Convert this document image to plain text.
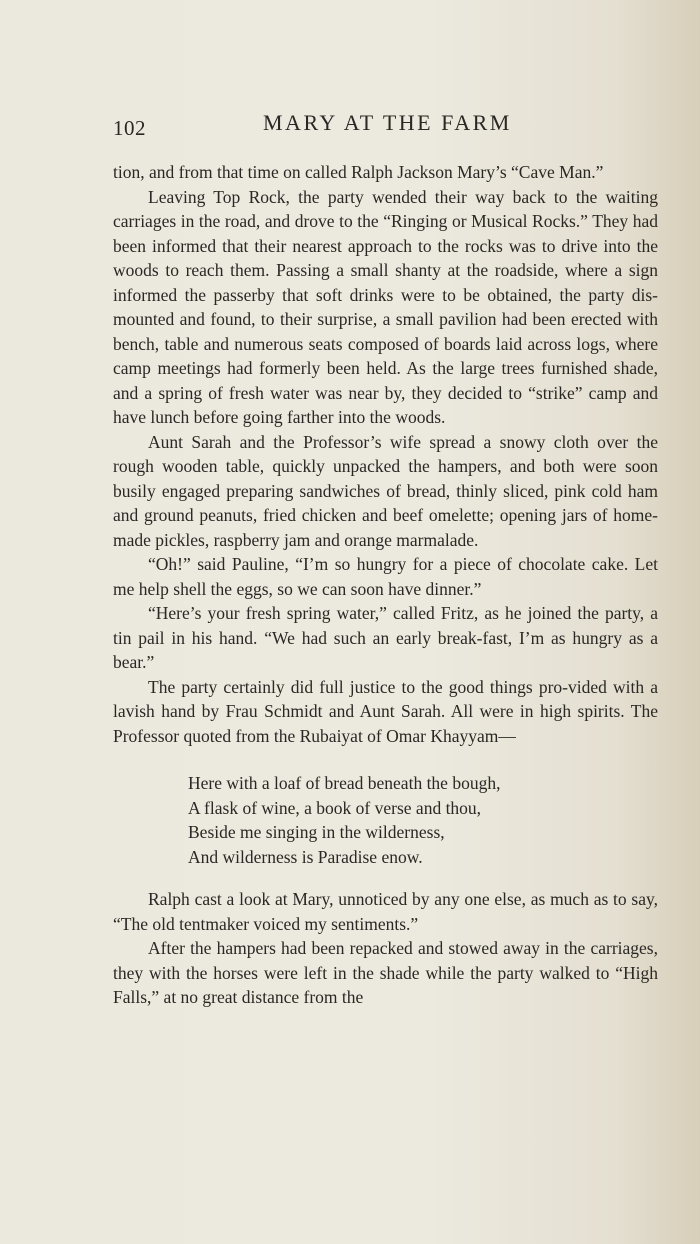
102	MARY AT THE FARM

tion, and from that time on called Ralph Jackson Mary’s “Cave Man.”

Leaving Top Rock, the party wended their way back to the waiting carriages in the road, and drove to the “Ringing or Musical Rocks.” They had been informed that their nearest approach to the rocks was to drive into the woods to reach them. Passing a small shanty at the roadside, where a sign informed the passerby that soft drinks were to be obtained, the party dis-mounted and found, to their surprise, a small pavilion had been erected with bench, table and numerous seats composed of boards laid across logs, where camp meetings had formerly been held. As the large trees furnished shade, and a spring of fresh water was near by, they decided to “strike” camp and have lunch before going farther into the woods.

Aunt Sarah and the Professor’s wife spread a snowy cloth over the rough wooden table, quickly unpacked the hampers, and both were soon busily engaged preparing sandwiches of bread, thinly sliced, pink cold ham and ground peanuts, fried chicken and beef omelette; opening jars of home-made pickles, raspberry jam and orange marmalade.

“Oh!” said Pauline, “I’m so hungry for a piece of chocolate cake. Let me help shell the eggs, so we can soon have dinner.”

“Here’s your fresh spring water,” called Fritz, as he joined the party, a tin pail in his hand. “We had such an early break-fast, I’m as hungry as a bear.”

The party certainly did full justice to the good things pro-vided with a lavish hand by Frau Schmidt and Aunt Sarah. All were in high spirits. The Professor quoted from the Rubaiyat of Omar Khayyam—

Here with a loaf of bread beneath the bough,
A flask of wine, a book of verse and thou,
Beside me singing in the wilderness,
And wilderness is Paradise enow.

Ralph cast a look at Mary, unnoticed by any one else, as much as to say, “The old tentmaker voiced my sentiments.”

After the hampers had been repacked and stowed away in the carriages, they with the horses were left in the shade while the party walked to “High Falls,” at no great distance from the
